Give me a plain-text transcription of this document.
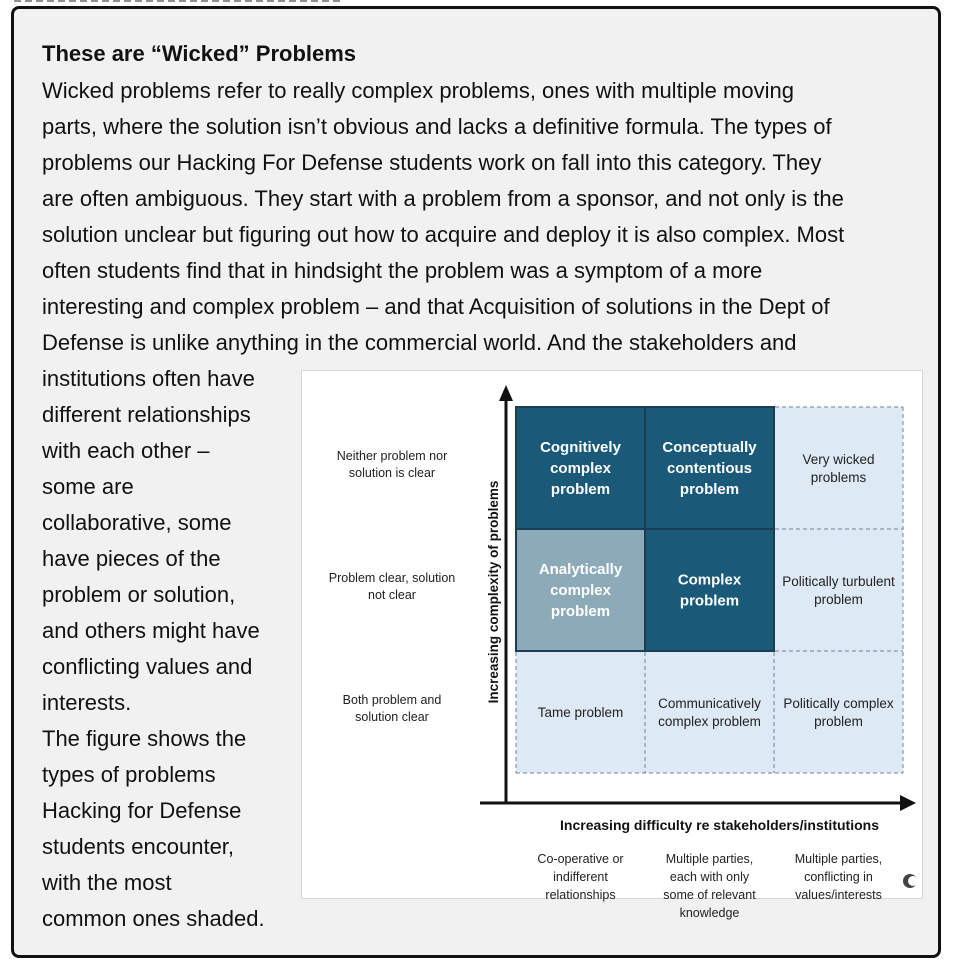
These are “Wicked” Problems

Wicked problems refer to really complex problems, ones with multiple moving
parts, where the solution isn’t obvious and lacks a definitive formula. The types of
problems our Hacking For Defense students work on fall into this category. They
are often ambiguous. They start with a problem from a sponsor, and not only is the
solution unclear but figuring out how to acquire and deploy it is also complex. Most
often students find that in hindsight the problem was a symptom of a more
interesting and complex problem – and that Acquisition of solutions in the Dept of
Defense is unlike anything in the commercial world. And the stakeholders and

institutions often have
different relationships
with each other –
some are
collaborative, some
have pieces of the
problem or solution,
and others might have
conflicting values and
interests.
The figure shows the
types of problems
Hacking for Defense
students encounter,
with the most
common ones shaded.

Cognitively
complex
problem
Conceptually
contentious
problem
Very wicked
problems
Analytically
complex
problem
Complex
problem
Politically turbulent
problem
Tame problem
Communicatively
complex problem
Politically complex
problem
Increasing complexity of problems
Increasing difficulty re stakeholders/institutions
Neither problem nor
solution is clear
Problem clear, solution
not clear
Both problem and
solution clear
Co-operative or
indifferent
relationships
Multiple parties,
each with only
some of relevant
knowledge
Multiple parties,
conflicting in
values/interests
